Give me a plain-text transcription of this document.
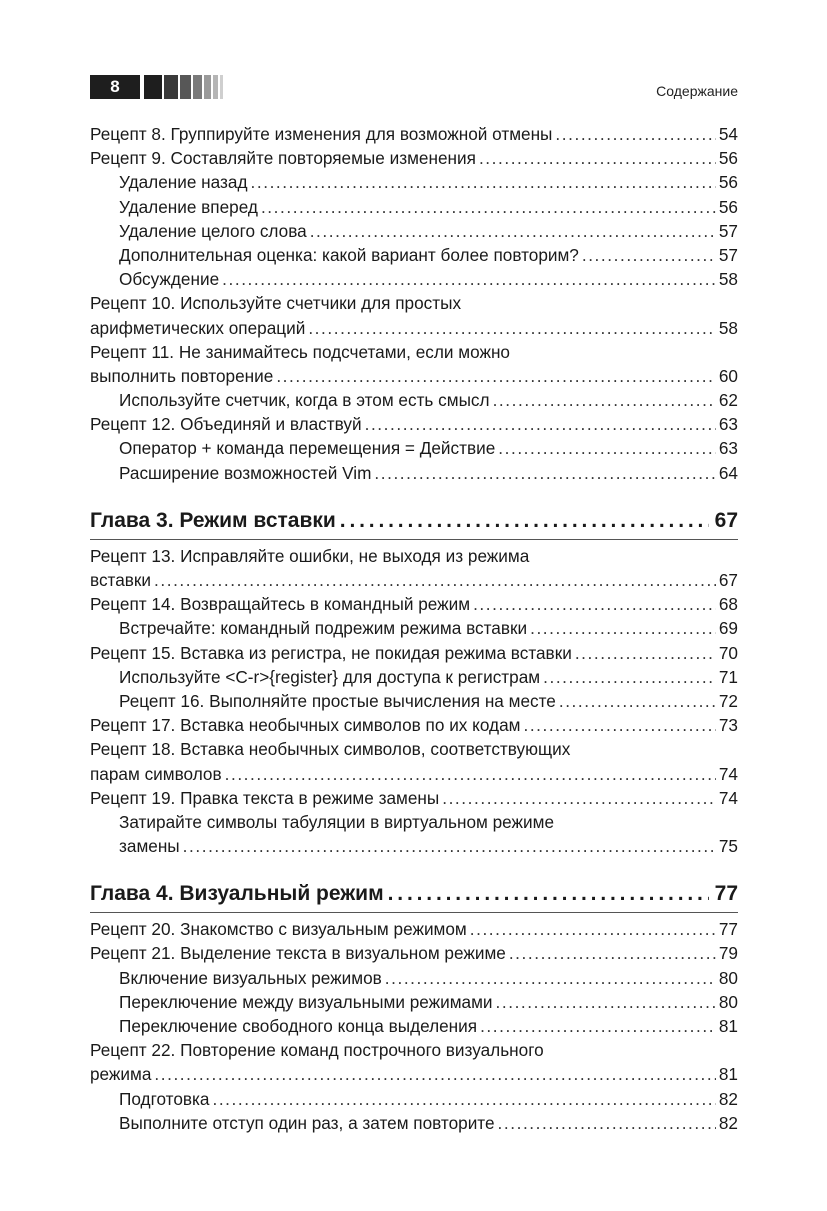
8	Содержание
Рецепт 8. Группируйте изменения для возможной отмены . . .	54
Рецепт 9. Составляйте повторяемые изменения . . .	56
Удаление назад . . .	56
Удаление вперед . . .	56
Удаление целого слова . . .	57
Дополнительная оценка: какой вариант более повторим? . . .	57
Обсуждение . . .	58
Рецепт 10. Используйте счетчики для простых
арифметических операций . . .	58
Рецепт 11. Не занимайтесь подсчетами, если можно
выполнить повторение . . .	60
Используйте счетчик, когда в этом есть смысл . . .	62
Рецепт 12. Объединяй и властвуй . . .	63
Оператор + команда перемещения = Действие . . .	63
Расширение возможностей Vim . . .	64
Глава 3. Режим вставки . . .	67
Рецепт 13. Исправляйте ошибки, не выходя из режима
вставки . . .	67
Рецепт 14. Возвращайтесь в командный режим . . .	68
Встречайте: командный подрежим режима вставки . . .	69
Рецепт 15. Вставка из регистра, не покидая режима вставки . . .	70
Используйте <C-r>{register} для доступа к регистрам . . .	71
Рецепт 16. Выполняйте простые вычисления на месте . . .	72
Рецепт 17. Вставка необычных символов по их кодам . . .	73
Рецепт 18. Вставка необычных символов, соответствующих
парам символов . . .	74
Рецепт 19. Правка текста в режиме замены . . .	74
Затирайте символы табуляции в виртуальном режиме
замены . . .	75
Глава 4. Визуальный режим . . .	77
Рецепт 20. Знакомство с визуальным режимом . . .	77
Рецепт 21. Выделение текста в визуальном режиме . . .	79
Включение визуальных режимов . . .	80
Переключение между визуальными режимами . . .	80
Переключение свободного конца выделения . . .	81
Рецепт 22. Повторение команд построчного визуального
режима . . .	81
Подготовка . . .	82
Выполните отступ один раз, а затем повторите . . .	82
